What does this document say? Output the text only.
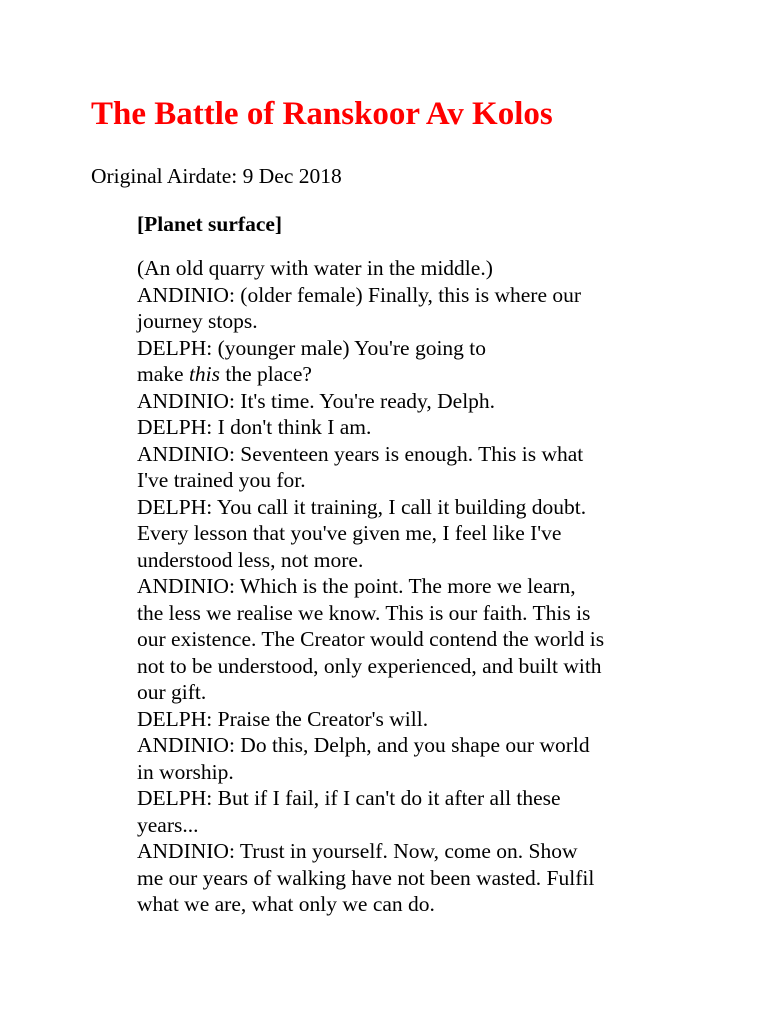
The Battle of Ranskoor Av Kolos
Original Airdate: 9 Dec 2018
[Planet surface]
(An old quarry with water in the middle.)
ANDINIO: (older female) Finally, this is where our
journey stops.
DELPH: (younger male) You're going to
make this the place?
ANDINIO: It's time. You're ready, Delph.
DELPH: I don't think I am.
ANDINIO: Seventeen years is enough. This is what
I've trained you for.
DELPH: You call it training, I call it building doubt.
Every lesson that you've given me, I feel like I've
understood less, not more.
ANDINIO: Which is the point. The more we learn,
the less we realise we know. This is our faith. This is
our existence. The Creator would contend the world is
not to be understood, only experienced, and built with
our gift.
DELPH: Praise the Creator's will.
ANDINIO: Do this, Delph, and you shape our world
in worship.
DELPH: But if I fail, if I can't do it after all these
years...
ANDINIO: Trust in yourself. Now, come on. Show
me our years of walking have not been wasted. Fulfil
what we are, what only we can do.
